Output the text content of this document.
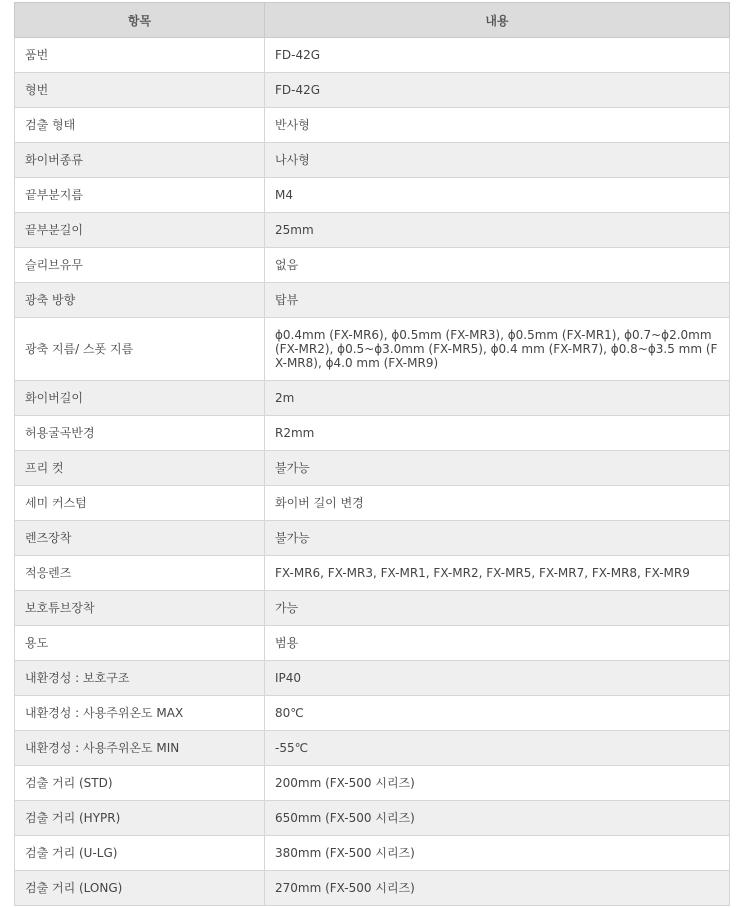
항목	내용
품번	FD-42G
형번	FD-42G
검출 형태	반사형
화이버종류	나사형
끝부분지름	M4
끝부분길이	25mm
슬리브유무	없음
광축 방향	탑뷰
광축 지름/ 스폿 지름	ϕ0.4mm (FX-MR6), ϕ0.5mm (FX-MR3), ϕ0.5mm (FX-MR1), ϕ0.7~ϕ2.0mm (FX-MR2), ϕ0.5~ϕ3.0mm (FX-MR5), ϕ0.4 mm (FX-MR7), ϕ0.8~ϕ3.5 mm (FX-MR8), ϕ4.0 mm (FX-MR9)
화이버길이	2m
허용굴곡반경	R2mm
프리 컷	불가능
세미 커스텀	화이버 길이 변경
렌즈장착	불가능
적응렌즈	FX-MR6, FX-MR3, FX-MR1, FX-MR2, FX-MR5, FX-MR7, FX-MR8, FX-MR9
보호튜브장착	가능
용도	범용
내환경성 : 보호구조	IP40
내환경성 : 사용주위온도 MAX	80℃
내환경성 : 사용주위온도 MIN	-55℃
검출 거리 (STD)	200mm (FX-500 시리즈)
검출 거리 (HYPR)	650mm (FX-500 시리즈)
검출 거리 (U-LG)	380mm (FX-500 시리즈)
검출 거리 (LONG)	270mm (FX-500 시리즈)
